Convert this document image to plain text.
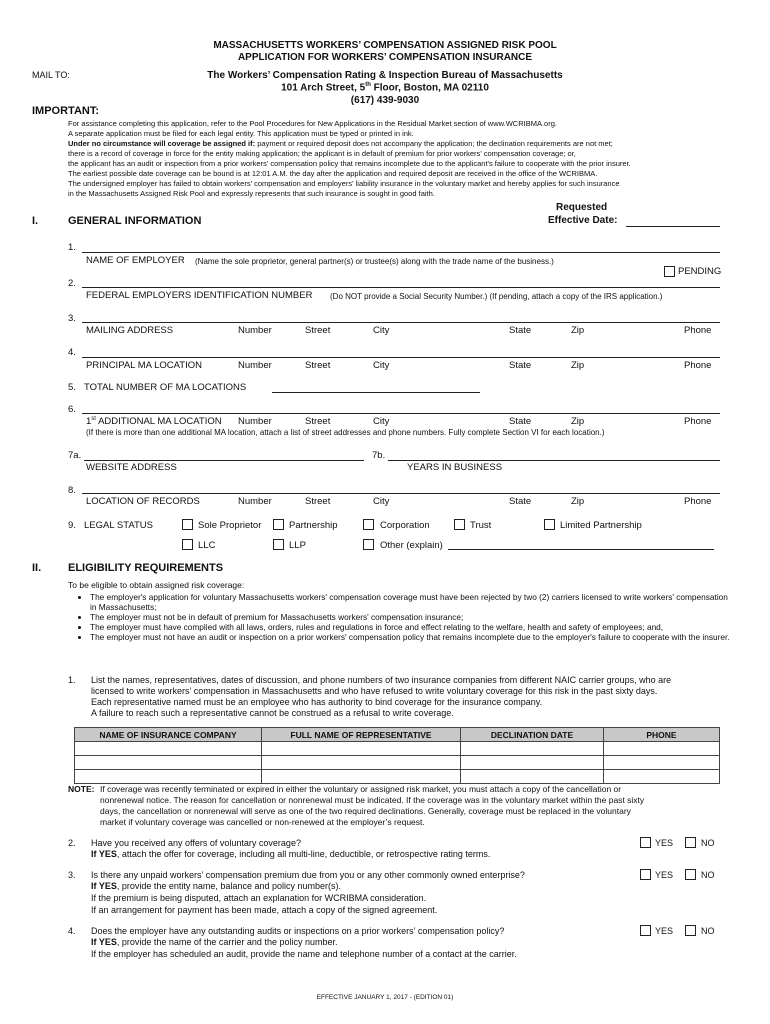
MASSACHUSETTS WORKERS’ COMPENSATION ASSIGNED RISK POOL
APPLICATION FOR WORKERS’ COMPENSATION INSURANCE
MAIL TO:	The Workers’ Compensation Rating & Inspection Bureau of Massachusetts
101 Arch Street, 5th Floor, Boston, MA 02110
(617) 439-9030
IMPORTANT:
For assistance completing this application, refer to the Pool Procedures for New Applications in the Residual Market section of www.WCRIBMA.org.
A separate application must be filed for each legal entity. This application must be typed or printed in ink.
Under no circumstance will coverage be assigned if: payment or required deposit does not accompany the application; the declination requirements are not met;
there is a record of coverage in force for the entity making application; the applicant is in default of premium for prior workers’ compensation coverage; or,
the applicant has an audit or inspection from a prior workers’ compensation policy that remains incomplete due to the applicant's failure to cooperate with the prior insurer.
The earliest possible date coverage can be bound is at 12:01 A.M. the day after the application and required deposit are received in the office of the WCRIBMA.
The undersigned employer has failed to obtain workers' compensation and employers' liability insurance in the voluntary market and hereby applies for such insurance
in the Massachusetts Assigned Risk Pool and expressly represents that such insurance is sought in good faith.
Requested
Effective Date:
I.	GENERAL INFORMATION
1.
NAME OF EMPLOYER (Name the sole proprietor, general partner(s) or trustee(s) along with the trade name of the business.)
PENDING
2.
FEDERAL EMPLOYERS IDENTIFICATION NUMBER (Do NOT provide a Social Security Number.) (If pending, attach a copy of the IRS application.)
3.
MAILING ADDRESS	Number	Street	City	State	Zip	Phone
4.
PRINCIPAL MA LOCATION	Number	Street	City	State	Zip	Phone
5. TOTAL NUMBER OF MA LOCATIONS
6.
1st ADDITIONAL MA LOCATION Number	Street	City	State	Zip	Phone
(If there is more than one additional MA location, attach a list of street addresses and phone numbers. Fully complete Section VI for each location.)
7a.
WEBSITE ADDRESS
7b.
YEARS IN BUSINESS
8.
LOCATION OF RECORDS	Number	Street	City	State	Zip	Phone
9. LEGAL STATUS	Sole Proprietor	Partnership	Corporation	Trust	Limited Partnership
LLC	LLP	Other (explain)
II. ELIGIBILITY REQUIREMENTS
To be eligible to obtain assigned risk coverage:
• The employer's application for voluntary Massachusetts workers' compensation coverage must have been rejected by two (2) carriers licensed to write workers' compensation in Massachusetts;
• The employer must not be in default of premium for Massachusetts workers' compensation insurance;
• The employer must have complied with all laws, orders, rules and regulations in force and effect relating to the welfare, health and safety of employees; and,
• The employer must not have an audit or inspection on a prior workers' compensation policy that remains incomplete due to the employer's failure to cooperate with the insurer.
1. List the names, representatives, dates of discussion, and phone numbers of two insurance companies from different NAIC carrier groups, who are
licensed to write workers’ compensation in Massachusetts and who have refused to write voluntary coverage for this risk in the past sixty days.
Each representative named must be an employee who has authority to bind coverage for the insurance company.
A failure to reach such a representative cannot be construed as a refusal to write coverage.
NAME OF INSURANCE COMPANY	FULL NAME OF REPRESENTATIVE	DECLINATION DATE	PHONE

NOTE: If coverage was recently terminated or expired in either the voluntary or assigned risk market, you must attach a copy of the cancellation or
nonrenewal notice. The reason for cancellation or nonrenewal must be indicated. If the coverage was in the voluntary market within the past sixty
days, the cancellation or nonrenewal will serve as one of the two required declinations. Generally, coverage must be replaced in the voluntary
market if voluntary coverage was cancelled or non-renewed at the employer’s request.
2. Have you received any offers of voluntary coverage?
If YES, attach the offer for coverage, including all multi-line, deductible, or retrospective rating terms.
YES	NO
3. Is there any unpaid workers’ compensation premium due from you or any other commonly owned enterprise?
If YES, provide the entity name, balance and policy number(s).
If the premium is being disputed, attach an explanation for WCRIBMA consideration.
If an arrangement for payment has been made, attach a copy of the signed agreement.
YES	NO
4. Does the employer have any outstanding audits or inspections on a prior workers’ compensation policy?
If YES, provide the name of the carrier and the policy number.
If the employer has scheduled an audit, provide the name and telephone number of a contact at the carrier.
YES	NO
EFFECTIVE JANUARY 1, 2017 - (EDITION 01)
